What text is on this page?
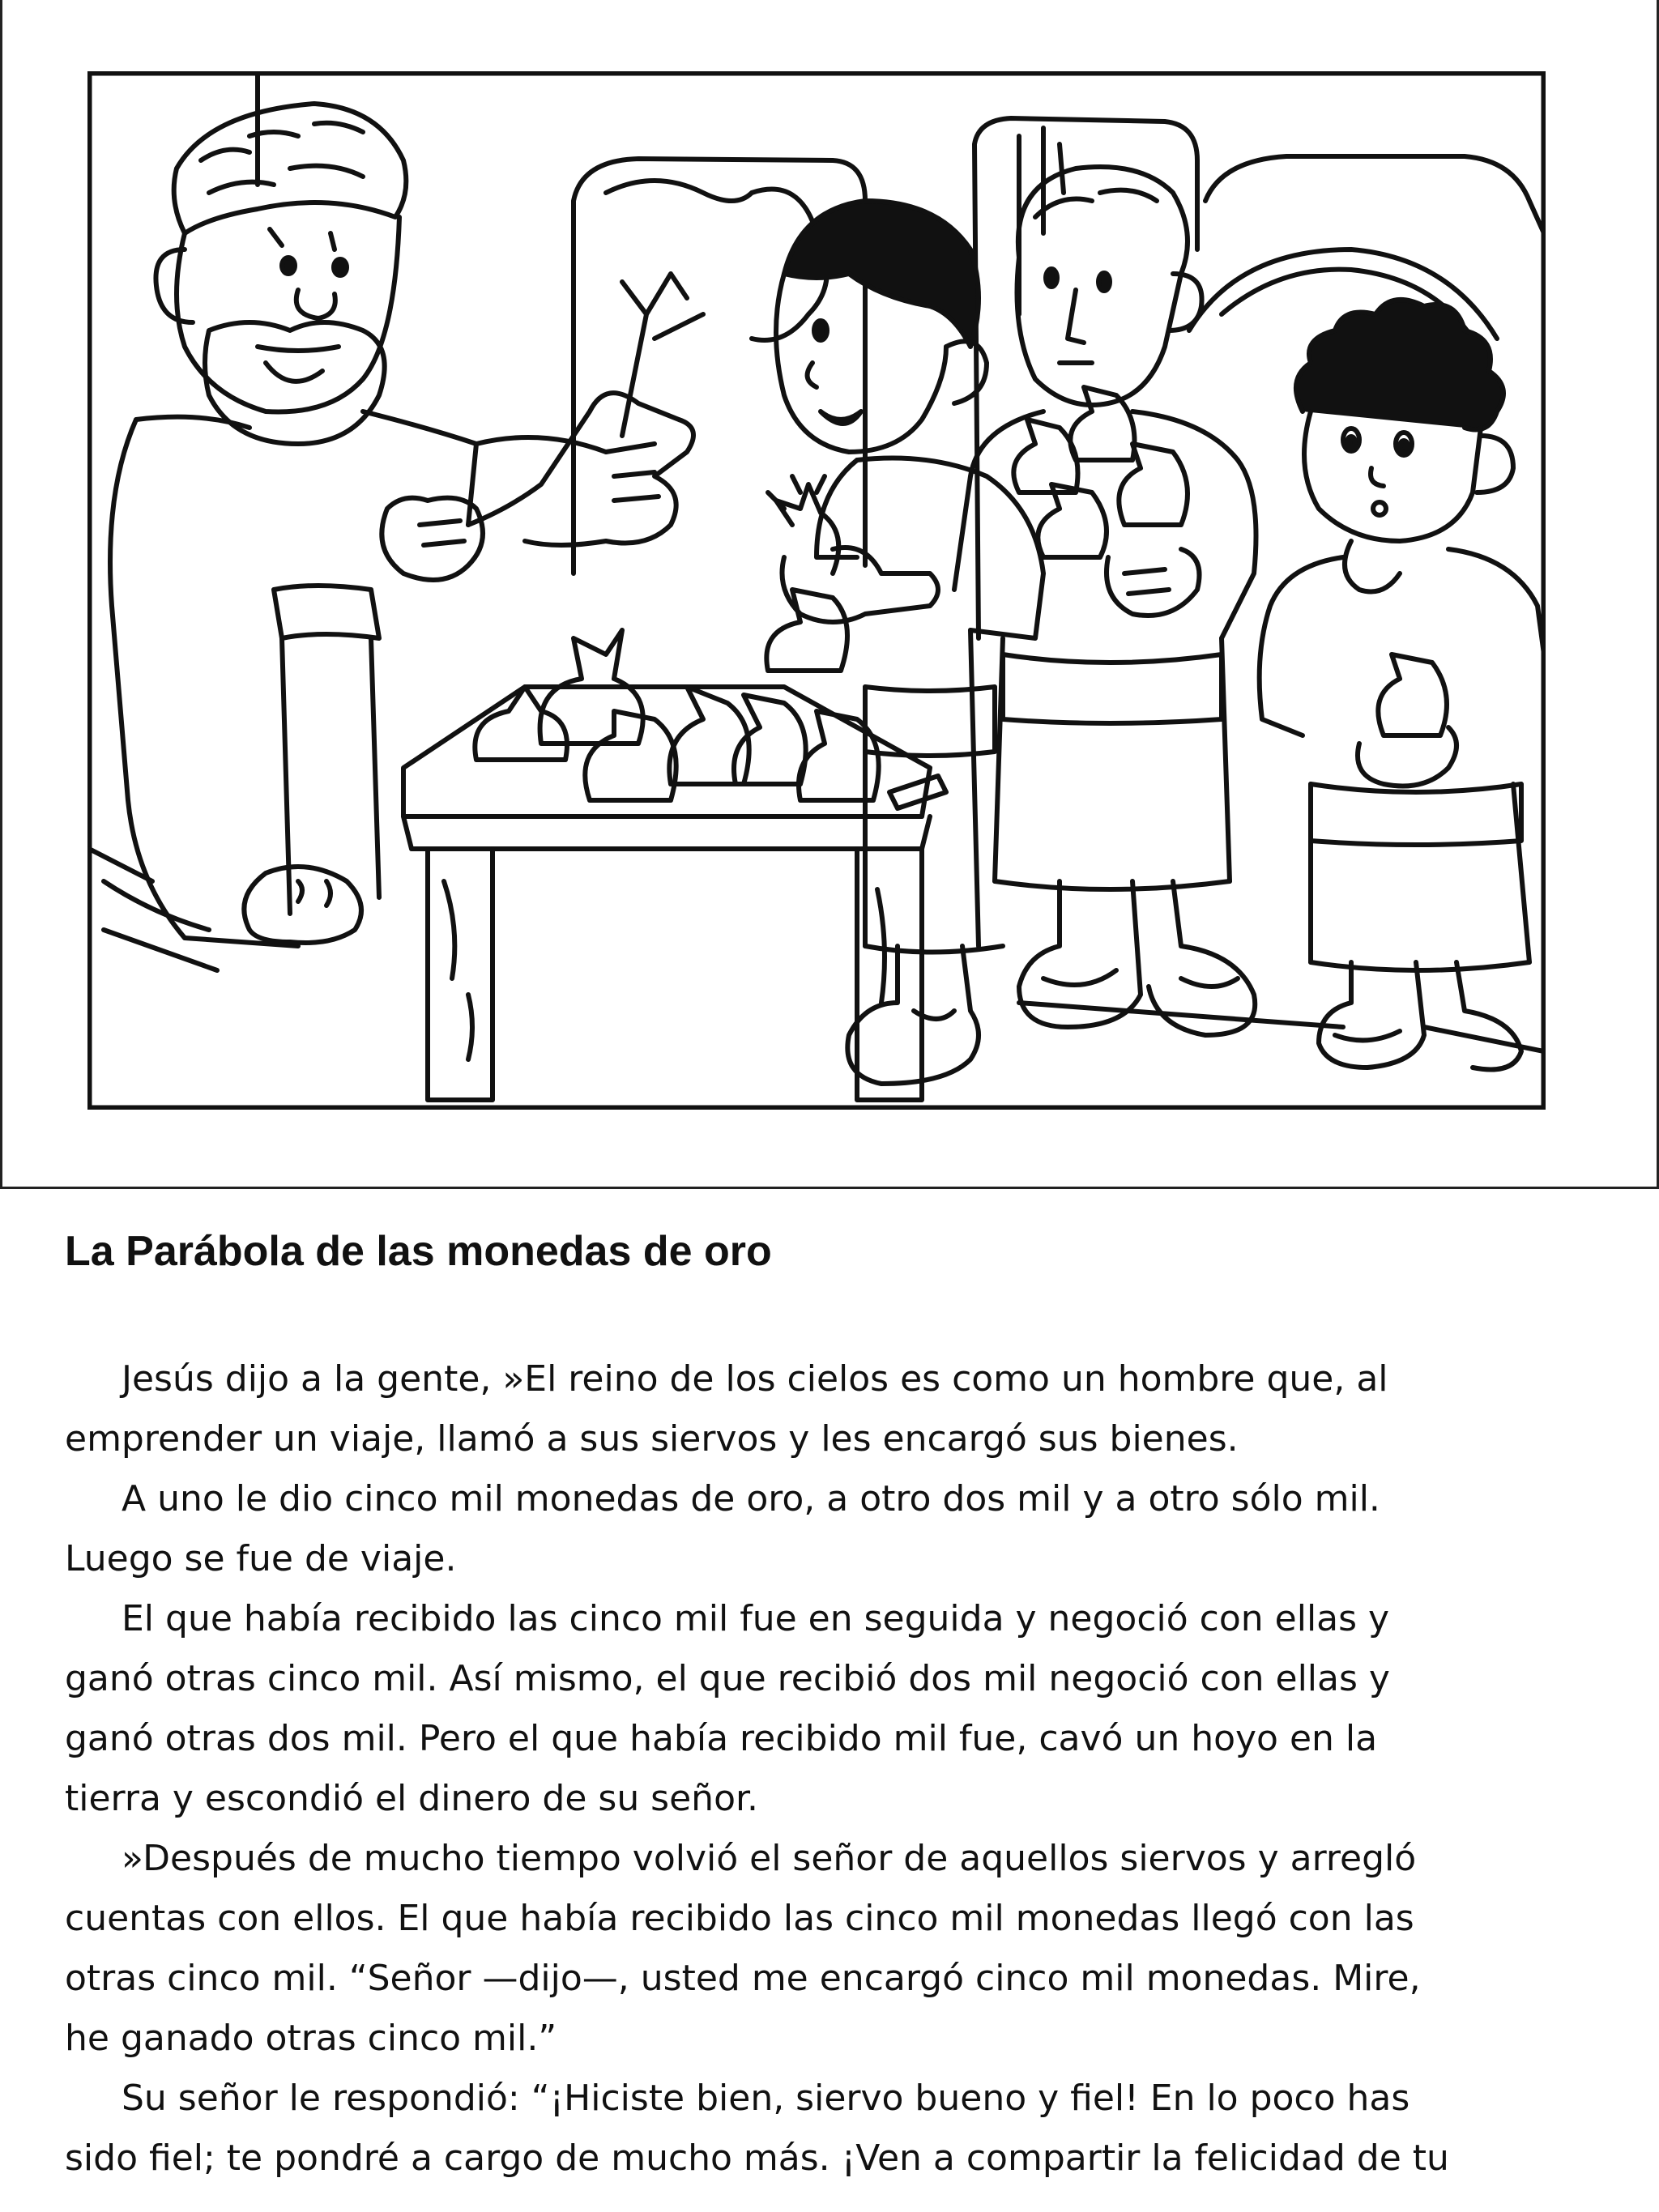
La Parábola de las monedas de oro
Jesús dijo a la gente, »El reino de los cielos es como un hombre que, al
emprender un viaje, llamó a sus siervos y les encargó sus bienes.
A uno le dio cinco mil monedas de oro, a otro dos mil y a otro sólo mil.
Luego se fue de viaje.
El que había recibido las cinco mil fue en seguida y negoció con ellas y
ganó otras cinco mil. Así mismo, el que recibió dos mil negoció con ellas y
ganó otras dos mil. Pero el que había recibido mil fue, cavó un hoyo en la
tierra y escondió el dinero de su señor.
»Después de mucho tiempo volvió el señor de aquellos siervos y arregló
cuentas con ellos. El que había recibido las cinco mil monedas llegó con las
otras cinco mil. “Señor —dijo—, usted me encargó cinco mil monedas. Mire,
he ganado otras cinco mil.”
Su señor le respondió: “¡Hiciste bien, siervo bueno y fiel! En lo poco has
sido fiel; te pondré a cargo de mucho más. ¡Ven a compartir la felicidad de tu
